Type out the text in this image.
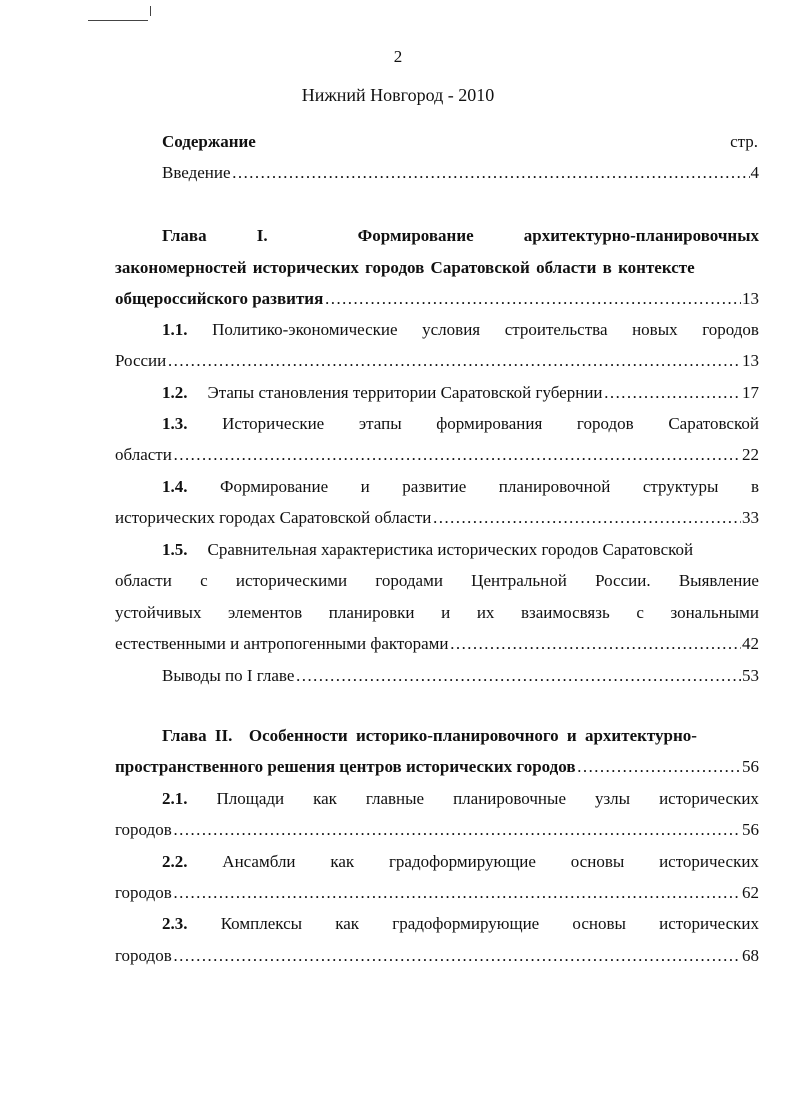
2
Нижний Новгород - 2010
Содержание	стр.
Введение ……………………………………………………………………………………………………………………………………………………………………………………………………………………	4
Глава	I.	Формирование	архитектурно-планировочных
закономерностей исторических городов Саратовской области в контексте
общероссийского развития ……………………………………………………………………………………………………………………………………………………………………………………………………………………	13
1.1. Политико-экономические условия строительства новых городов
России ……………………………………………………………………………………………………………………………………………………………………………………………………………………	13
1.2. Этапы становления территории Саратовской губернии ……………………………………………………………………………………………………………………………………………………………………………………………………………………	17
1.3. Исторические этапы формирования городов Саратовской
области ……………………………………………………………………………………………………………………………………………………………………………………………………………………	22
1.4. Формирование и развитие планировочной структуры в
исторических городах Саратовской области ……………………………………………………………………………………………………………………………………………………………………………………………………………………	33
1.5. Сравнительная характеристика исторических городов Саратовской
области с историческими городами Центральной России. Выявление
устойчивых элементов планировки и их взаимосвязь с зональными
естественными и антропогенными факторами ……………………………………………………………………………………………………………………………………………………………………………………………………………………	42
Выводы по I главе ……………………………………………………………………………………………………………………………………………………………………………………………………………………	53
Глава II.  Особенности историко-планировочного и архитектурно-
пространственного решения центров исторических городов ……………………………………………………………………………………………………………………………………………………………………………………………………………………	56
2.1. Площади как главные планировочные узлы исторических
городов ……………………………………………………………………………………………………………………………………………………………………………………………………………………	56
2.2. Ансамбли как градоформирующие основы исторических
городов ……………………………………………………………………………………………………………………………………………………………………………………………………………………	62
2.3. Комплексы как градоформирующие основы исторических
городов ……………………………………………………………………………………………………………………………………………………………………………………………………………………	68
